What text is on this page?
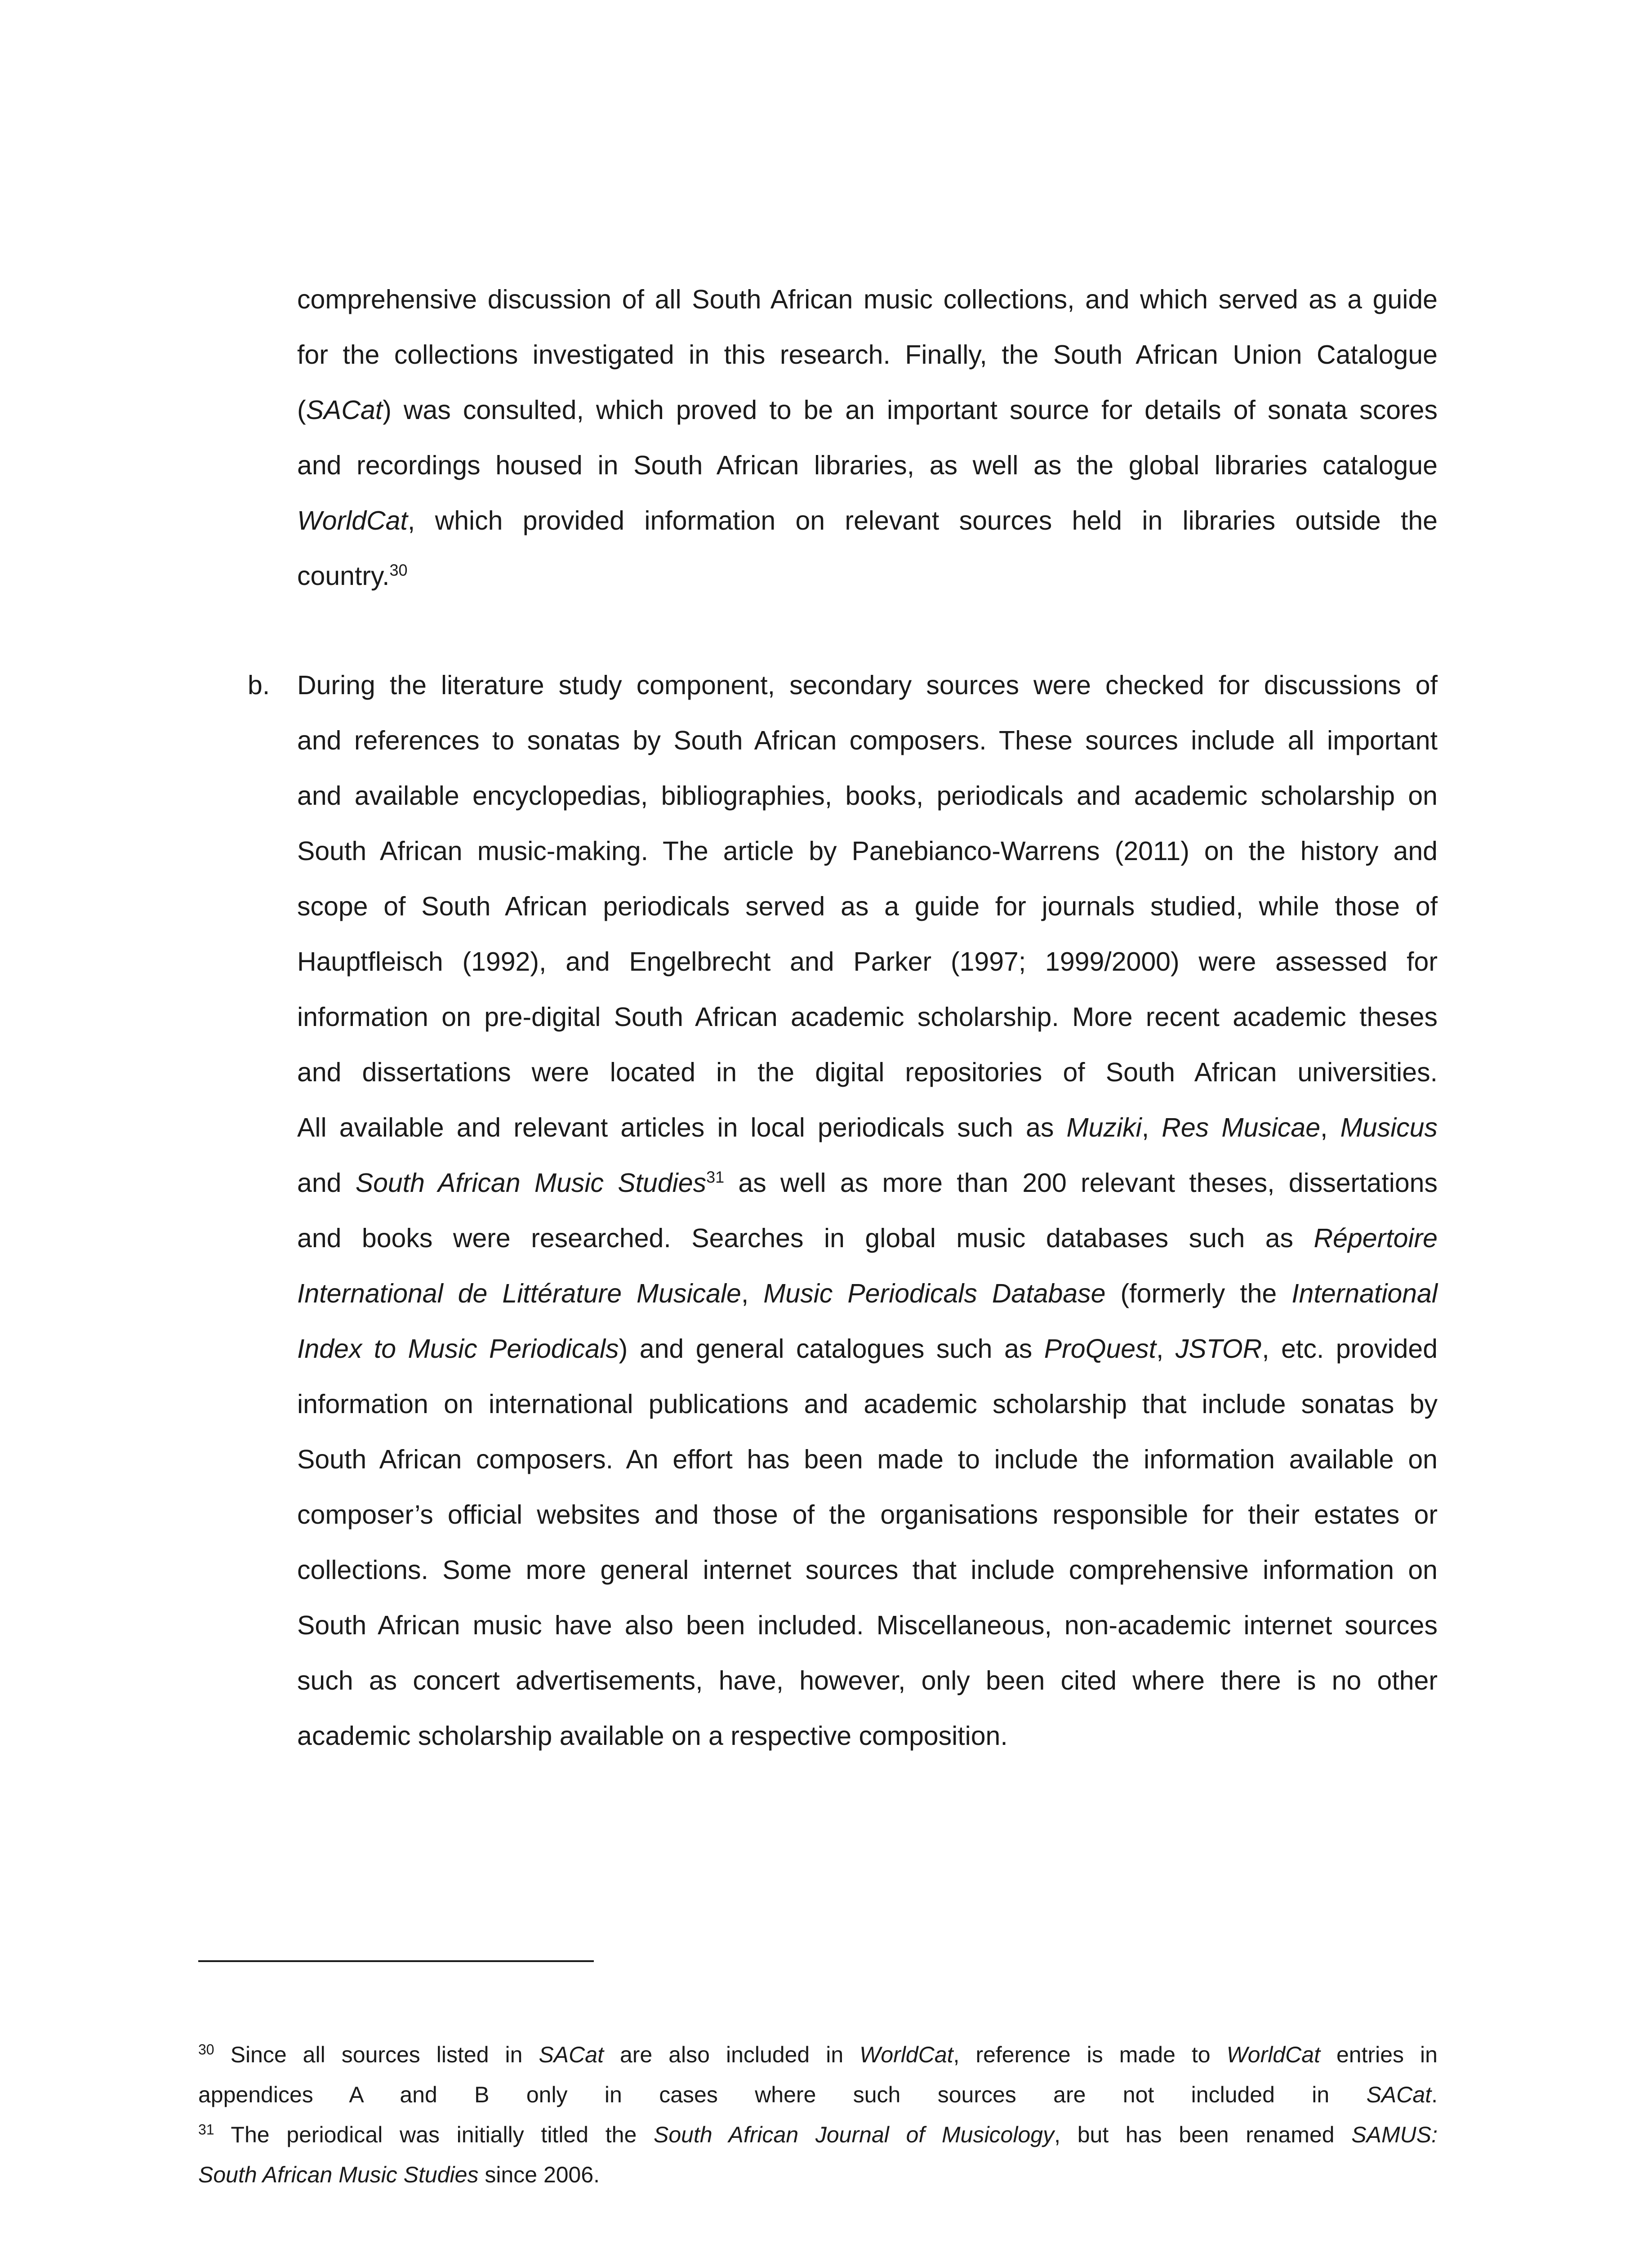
comprehensive discussion of all South African music collections, and which served as a guide
for the collections investigated in this research. Finally, the South African Union Catalogue
(SACat) was consulted, which proved to be an important source for details of sonata scores
and recordings housed in South African libraries, as well as the global libraries catalogue
WorldCat, which provided information on relevant sources held in libraries outside the
country.$^{30}$
b. During the literature study component, secondary sources were checked for discussions of
and references to sonatas by South African composers. These sources include all important
and available encyclopedias, bibliographies, books, periodicals and academic scholarship on
South African music-making. The article by Panebianco-Warrens (2011) on the history and
scope of South African periodicals served as a guide for journals studied, while those of
Hauptfleisch (1992), and Engelbrecht and Parker (1997; 1999/2000) were assessed for
information on pre-digital South African academic scholarship. More recent academic theses
and dissertations were located in the digital repositories of South African universities.
All available and relevant articles in local periodicals such as Muziki, Res Musicae, Musicus
and South African Music Studies$^{31}$ as well as more than 200 relevant theses, dissertations
and books were researched. Searches in global music databases such as Répertoire
International de Littérature Musicale, Music Periodicals Database (formerly the International
Index to Music Periodicals) and general catalogues such as ProQuest, JSTOR, etc. provided
information on international publications and academic scholarship that include sonatas by
South African composers. An effort has been made to include the information available on
composer’s official websites and those of the organisations responsible for their estates or
collections. Some more general internet sources that include comprehensive information on
South African music have also been included. Miscellaneous, non-academic internet sources
such as concert advertisements, have, however, only been cited where there is no other
academic scholarship available on a respective composition.
$^{30}$ Since all sources listed in SACat are also included in WorldCat, reference is made to WorldCat entries in
appendices A and B only in cases where such sources are not included in SACat.
$^{31}$ The periodical was initially titled the South African Journal of Musicology, but has been renamed SAMUS:
South African Music Studies since 2006.
